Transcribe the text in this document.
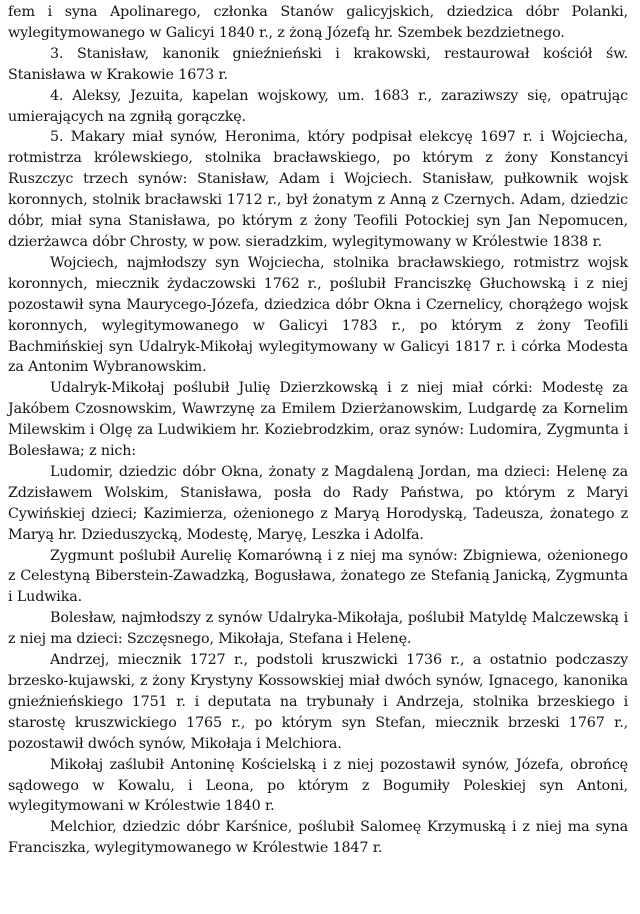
fem i syna Apolinarego, członka Stanów galicyjskich, dziedzica dóbr Polanki, wylegitymowanego w Galicyi 1840 r., z żoną Józefą hr. Szembek bezdzietnego.

3. Stanisław, kanonik gnieźnieński i krakowski, restaurował kościół św. Stanisława w Krakowie 1673 r.

4. Aleksy, Jezuita, kapelan wojskowy, um. 1683 r., zaraziwszy się, opatrując umierających na zgniłą gorączkę.

5. Makary miał synów, Heronima, który podpisał elekcyę 1697 r. i Wojciecha, rotmistrza królewskiego, stolnika bracławskiego, po którym z żony Konstancyi Ruszczyc trzech synów: Stanisław, Adam i Wojciech. Stanisław, pułkownik wojsk koronnych, stolnik bracławski 1712 r., był żonatym z Anną z Czernych. Adam, dziedzic dóbr, miał syna Stanisława, po którym z żony Teofili Potockiej syn Jan Nepomucen, dzierżawca dóbr Chrosty, w pow. sieradzkim, wylegitymowany w Królestwie 1838 r.

Wojciech, najmłodszy syn Wojciecha, stolnika bracławskiego, rotmistrz wojsk koronnych, miecznik żydaczowski 1762 r., poślubił Franciszkę Głuchowską i z niej pozostawił syna Mauryceg​o-Józefa, dziedzica dóbr Okna i Czernelicy, chorążego wojsk koronnych, wylegitymowanego w Galicyi 1783 r., po którym z żony Teofili Bachmińskiej syn Udalryk-Mikołaj wylegitymowany w Galicyi 1817 r. i córka Modesta za Antonim Wybranowskim.

Udalryk-Mikołaj poślubił Julię Dzierzkowską i z niej miał córki: Modestę za Jakóbem Czosnowskim, Wawrzynę za Emilem Dzierżanowskim, Ludgardę za Kornelim Milewskim i Olgę za Ludwikiem hr. Koziebrodzkim, oraz synów: Ludomira, Zygmunta i Bolesława; z nich:

Ludomir, dziedzic dóbr Okna, żonaty z Magdaleną Jordan, ma dzieci: Helenę za Zdzisławem Wolskim, Stanisława, posła do Rady Państwa, po którym z Maryi Cywińskiej dzieci; Kazimierza, ożenionego z Maryą Horodyską, Tadeusza, żonatego z Maryą hr. Dzieduszycką, Modestę, Maryę, Leszka i Adolfa.

Zygmunt poślubił Aurelię Komarówną i z niej ma synów: Zbigniewa, ożenionego z Celestyną Biberstein-Zawadzką, Bogusława, żonatego ze Stefanią Janicką, Zygmunta i Ludwika.

Bolesław, najmłodszy z synów Udalryka-Mikołaja, poślubił Matyldę Malczewską i z niej ma dzieci: Szczęsnego, Mikołaja, Stefana i Helenę.

Andrzej, miecznik 1727 r., podstoli kruszwicki 1736 r., a ostatnio podczaszy brzesko-kujawski, z żony Krystyny Kossowskiej miał dwóch synów, Ignacego, kanonika gnieźnieńskiego 1751 r. i deputata na trybunały i Andrzeja, stolnika brzeskiego i starostę kruszwickiego 1765 r., po którym syn Stefan, miecznik brzeski 1767 r., pozostawił dwóch synów, Mikołaja i Melchiora.

Mikołaj zaślubił Antoninę Kościelską i z niej pozostawił synów, Józefa, obrońcę sądowego w Kowalu, i Leona, po którym z Bogumiły Poleskiej syn Antoni, wylegitymowani w Królestwie 1840 r.

Melchior, dziedzic dóbr Karśnice, poślubił Salomeę Krzymuską i z niej ma syna Franciszka, wylegitymowanego w Królestwie 1847 r.
